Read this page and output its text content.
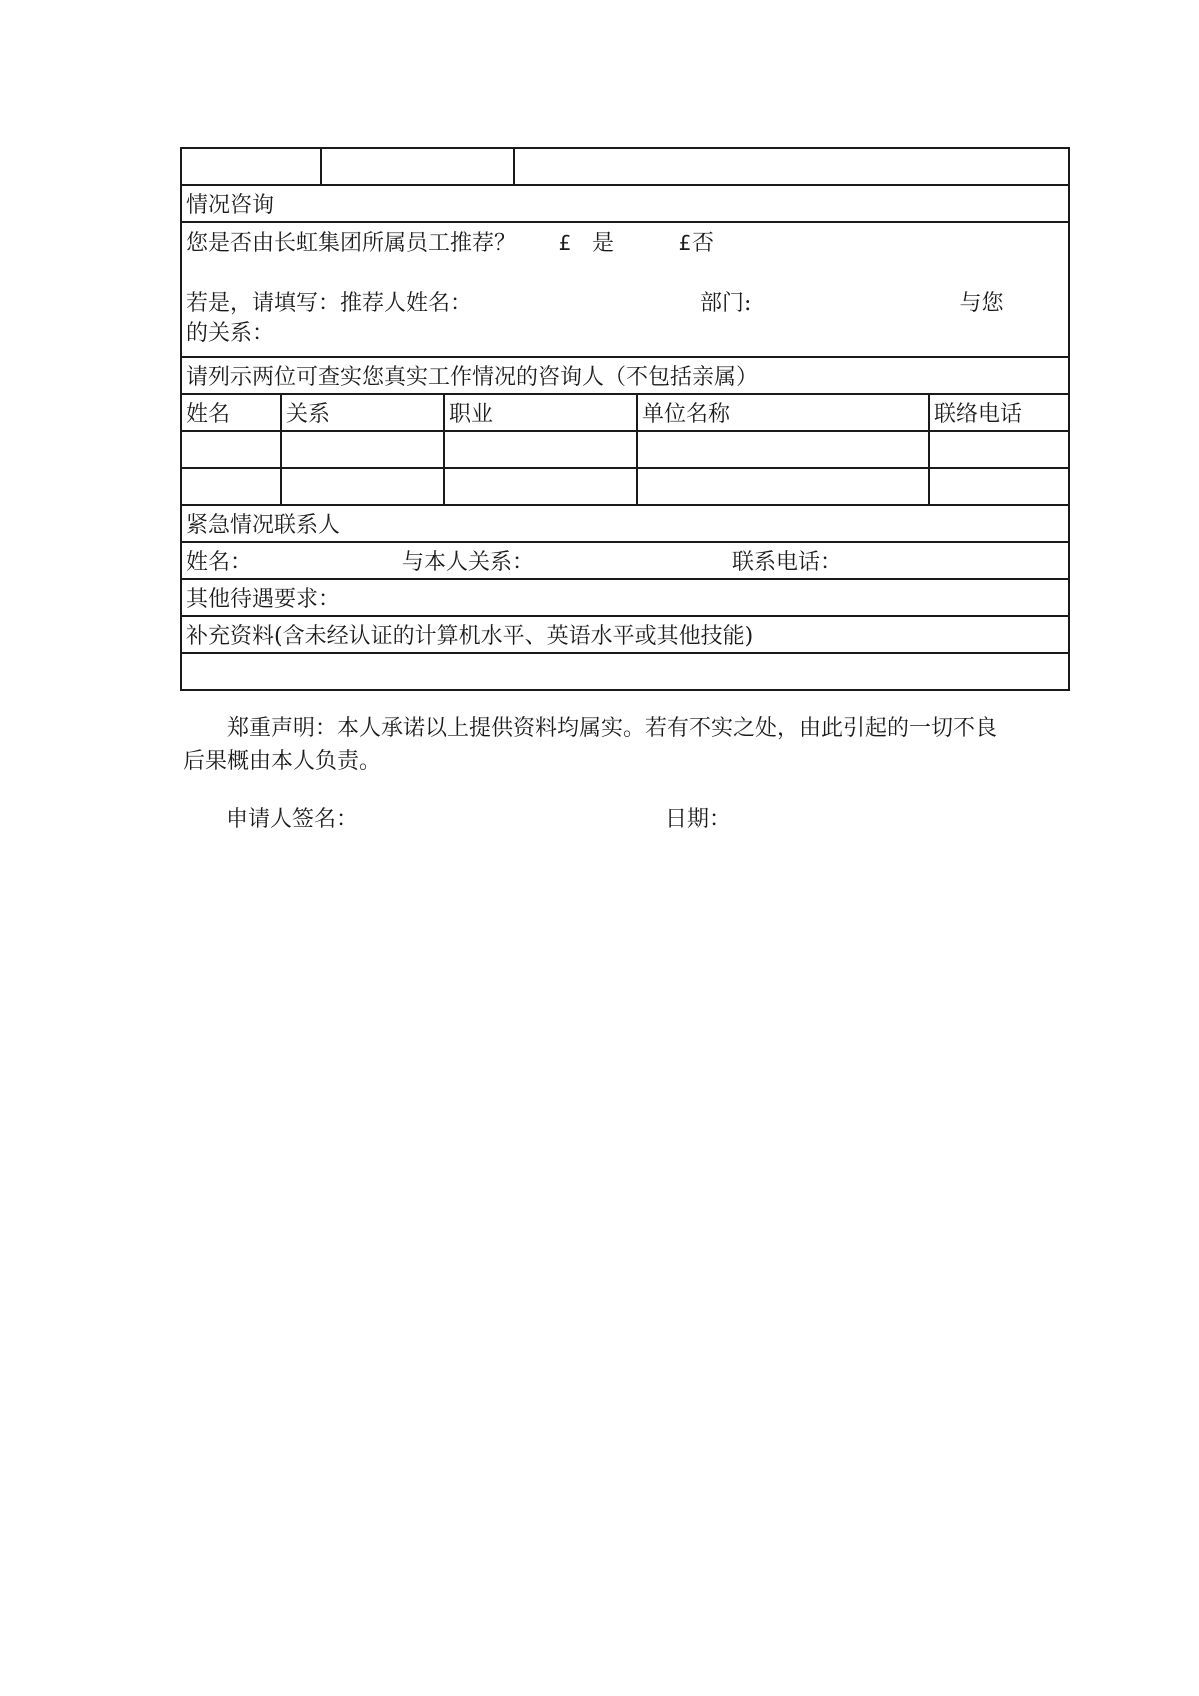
情况咨询						

您是否由长虹集团所属员工推荐？ £ 是 £否
若是，请填写：推荐人姓名： 部门: 与您
的关系：						

请列示两位可查实您真实工作情况的咨询人（不包括亲属）						
姓名	关系		职业		单位名称	联络电话

紧急情况联系人						
姓名： 与本人关系： 联系电话：						
其他待遇要求：						
补充资料(含未经认证的计算机水平、英语水平或其他技能)						

郑重声明：本人承诺以上提供资料均属实。若有不实之处，由此引起的一切不良后果概由本人负责。
申请人签名：	日期：
